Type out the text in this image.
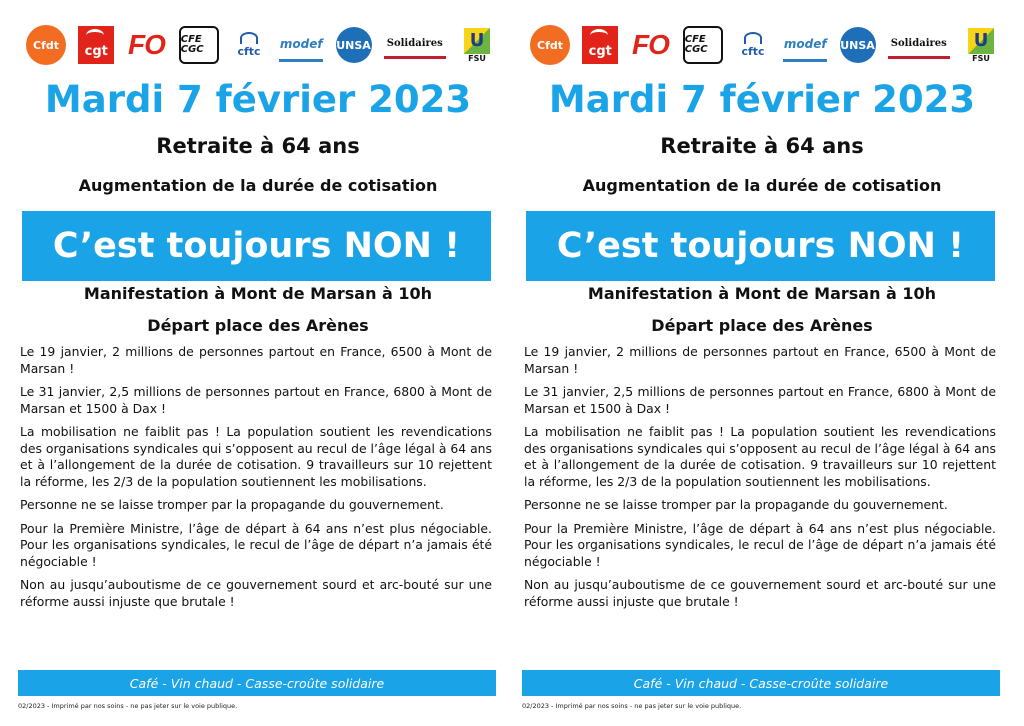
Cfdt cgt FO CFE CGC	cftc
modef UNSA Solidaires	U
FSU
Mardi 7 février 2023
Retraite à 64 ans
Augmentation de la durée de cotisation
C’est toujours NON !
Manifestation à Mont de Marsan à 10h
Départ place des Arènes

Le 19 janvier, 2 millions de personnes partout en France, 6500 à Mont de Marsan !

Le 31 janvier, 2,5 millions de personnes partout en France, 6800 à Mont de Marsan et 1500 à Dax !

La mobilisation ne faiblit pas ! La population soutient les revendications des organisations syndicales qui s’opposent au recul de l’âge légal à 64 ans et à l’allongement de la durée de cotisation. 9 travailleurs sur 10 rejettent la réforme, les 2/3 de la population soutiennent les mobilisations.

Personne ne se laisse tromper par la propagande du gouvernement.

Pour la Première Ministre, l’âge de départ à 64 ans n’est plus négociable. Pour les organisations syndicales, le recul de l’âge de départ n’a jamais été négociable !

Non au jusqu’auboutisme de ce gouvernement sourd et arc-bouté sur une réforme aussi injuste que brutale !

Café - Vin chaud - Casse-croûte solidaire
02/2023 - Imprimé par nos soins - ne pas jeter sur le voie publique.
Cfdt cgt FO CFE CGC	cftc
modef UNSA Solidaires	U
FSU
Mardi 7 février 2023
Retraite à 64 ans
Augmentation de la durée de cotisation
C’est toujours NON !
Manifestation à Mont de Marsan à 10h
Départ place des Arènes

Le 19 janvier, 2 millions de personnes partout en France, 6500 à Mont de Marsan !

Le 31 janvier, 2,5 millions de personnes partout en France, 6800 à Mont de Marsan et 1500 à Dax !

La mobilisation ne faiblit pas ! La population soutient les revendications des organisations syndicales qui s’opposent au recul de l’âge légal à 64 ans et à l’allongement de la durée de cotisation. 9 travailleurs sur 10 rejettent la réforme, les 2/3 de la population soutiennent les mobilisations.

Personne ne se laisse tromper par la propagande du gouvernement.

Pour la Première Ministre, l’âge de départ à 64 ans n’est plus négociable. Pour les organisations syndicales, le recul de l’âge de départ n’a jamais été négociable !

Non au jusqu’auboutisme de ce gouvernement sourd et arc-bouté sur une réforme aussi injuste que brutale !

Café - Vin chaud - Casse-croûte solidaire
02/2023 - Imprimé par nos soins - ne pas jeter sur le voie publique.
